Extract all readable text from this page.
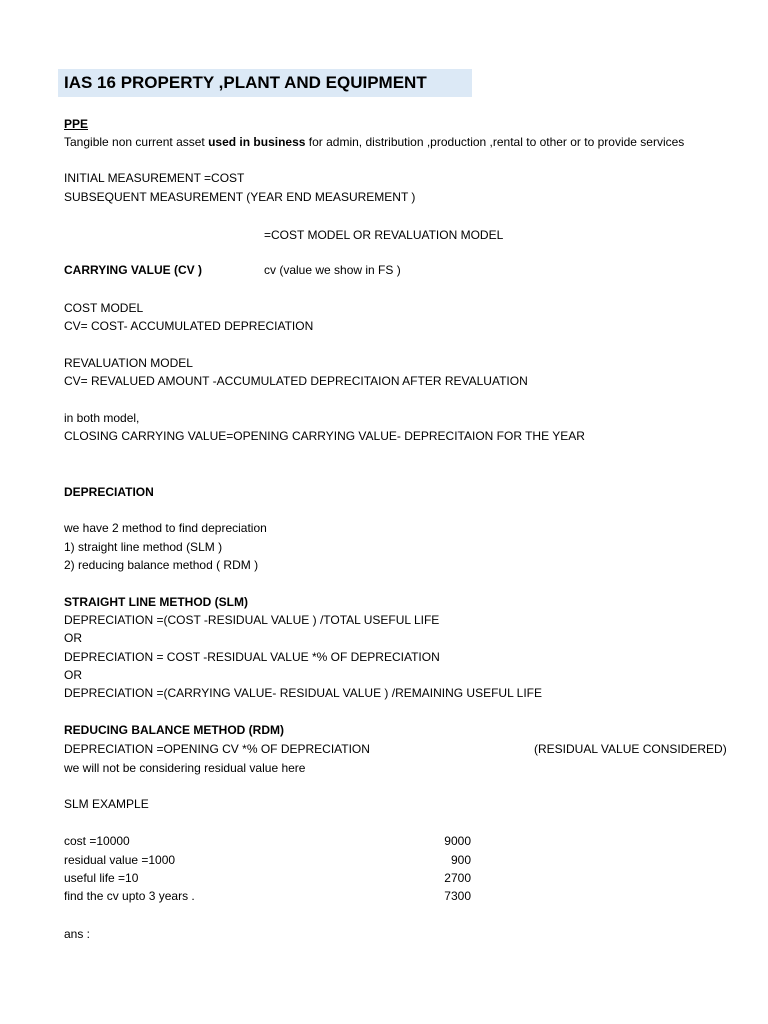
IAS 16 PROPERTY ,PLANT AND EQUIPMENT
PPE
Tangible non current asset used in business for admin, distribution ,production ,rental to other or to provide services
INITIAL MEASUREMENT =COST
SUBSEQUENT MEASUREMENT (YEAR END MEASUREMENT )
=COST MODEL OR REVALUATION MODEL
CARRYING VALUE (CV )	cv (value we show in FS )
COST MODEL
CV= COST- ACCUMULATED DEPRECIATION
REVALUATION MODEL
CV= REVALUED AMOUNT -ACCUMULATED DEPRECITAION AFTER REVALUATION
in both model,
CLOSING CARRYING VALUE=OPENING CARRYING VALUE- DEPRECITAION FOR THE YEAR
DEPRECIATION
we have 2 method to find depreciation
1) straight line method (SLM )
2) reducing balance method ( RDM )
STRAIGHT LINE METHOD (SLM)
DEPRECIATION =(COST -RESIDUAL VALUE ) /TOTAL USEFUL LIFE
OR
DEPRECIATION = COST -RESIDUAL VALUE *% OF DEPRECIATION
OR
DEPRECIATION =(CARRYING VALUE- RESIDUAL VALUE ) /REMAINING USEFUL LIFE
REDUCING BALANCE METHOD (RDM)
DEPRECIATION =OPENING CV *% OF DEPRECIATION	(RESIDUAL VALUE CONSIDERED)
we will not be considering residual value here
SLM EXAMPLE
cost =10000	9000
residual value =1000	900
useful life =10	2700
find the cv upto 3 years .	7300
ans :
